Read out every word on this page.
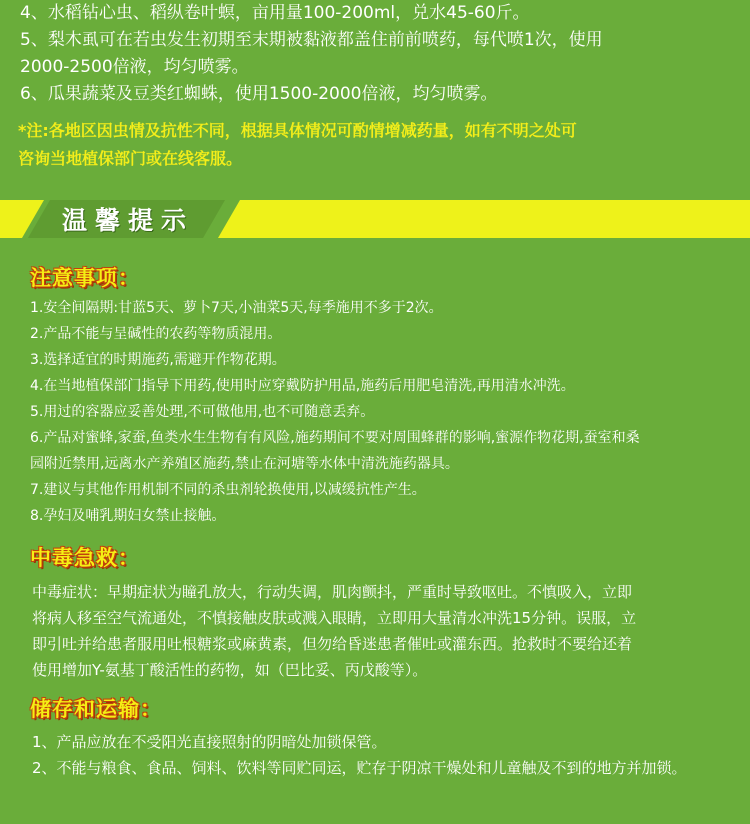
4、水稻钻心虫、稻纵卷叶螟，亩用量100-200ml，兑水45-60斤。
5、梨木虱可在若虫发生初期至末期被黏液都盖住前前喷药，每代喷1次，使用
2000-2500倍液，均匀喷雾。
6、瓜果蔬菜及豆类红蜘蛛，使用1500-2000倍液，均匀喷雾。
*注:各地区因虫情及抗性不同，根据具体情况可酌情增减药量，如有不明之处可
咨询当地植保部门或在线客服。
温馨提示
注意事项：
1.安全间隔期:甘蓝5天、萝卜7天,小油菜5天,每季施用不多于2次。
2.产品不能与呈碱性的农药等物质混用。
3.选择适宜的时期施药,需避开作物花期。
4.在当地植保部门指导下用药,使用时应穿戴防护用品,施药后用肥皂清洗,再用清水冲洗。
5.用过的容器应妥善处理,不可做他用,也不可随意丢弃。
6.产品对蜜蜂,家蚕,鱼类水生生物有有风险,施药期间不要对周围蜂群的影响,蜜源作物花期,蚕室和桑
园附近禁用,远离水产养殖区施药,禁止在河塘等水体中清洗施药器具。
7.建议与其他作用机制不同的杀虫剂轮换使用,以减缓抗性产生。
8.孕妇及哺乳期妇女禁止接触。
中毒急救：
中毒症状：早期症状为瞳孔放大，行动失调，肌肉颤抖，严重时导致呕吐。不慎吸入，立即
将病人移至空气流通处，不慎接触皮肤或溅入眼睛，立即用大量清水冲洗15分钟。误服，立
即引吐并给患者服用吐根糖浆或麻黄素，但勿给昏迷患者催吐或灌东西。抢救时不要给还着
使用增加Y-氨基丁酸活性的药物，如（巴比妥、丙戊酸等）。
储存和运输：
1、产品应放在不受阳光直接照射的阴暗处加锁保管。
2、不能与粮食、食品、饲料、饮料等同贮同运，贮存于阴凉干燥处和儿童触及不到的地方并加锁。
